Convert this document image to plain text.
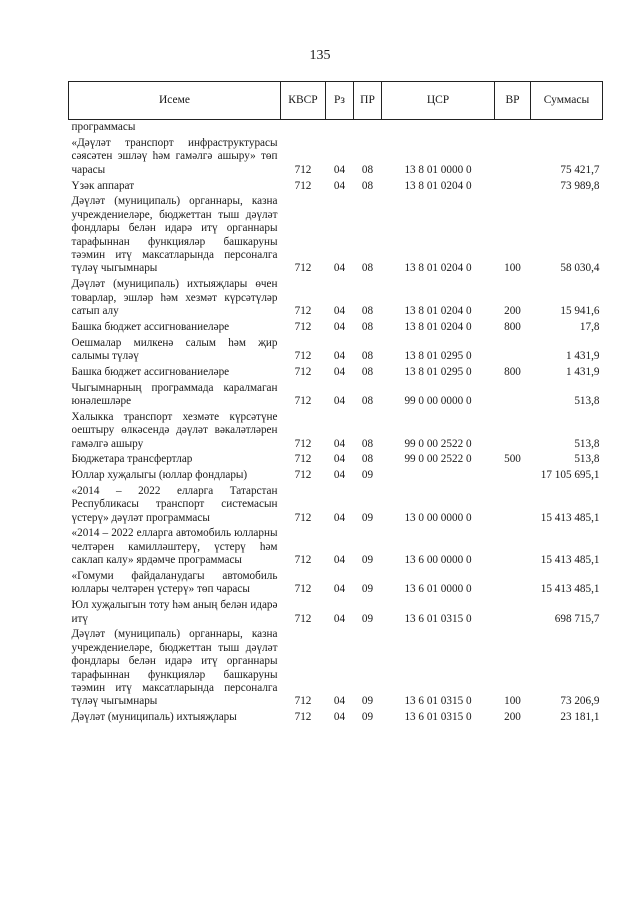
135
Исеме	КВСР	Рз	ПР	ЦСР	ВР	Суммасы
программасы						
«Дәүләт транспорт инфраструктурасы сәясәтен эшләү һәм гамәлгә ашыру» төп чарасы	712	04	08	13 8 01 0000 0		75 421,7
Үзәк аппарат	712	04	08	13 8 01 0204 0		73 989,8
Дәүләт (муниципаль) органнары, казна учреждениеләре, бюджеттан тыш дәүләт фондлары белән идарә итү органнары тарафыннан функцияләр башкаруны тәэмин итү максатларында персоналга түләү чыгымнары	712	04	08	13 8 01 0204 0	100	58 030,4
Дәүләт (муниципаль) ихтыяҗлары өчен товарлар, эшләр һәм хезмәт күрсәтүләр сатып алу	712	04	08	13 8 01 0204 0	200	15 941,6
Башка бюджет ассигнованиеләре	712	04	08	13 8 01 0204 0	800	17,8
Оешмалар милкенә салым һәм җир салымы түләү	712	04	08	13 8 01 0295 0		1 431,9
Башка бюджет ассигнованиеләре	712	04	08	13 8 01 0295 0	800	1 431,9
Чыгымнарның программада каралмаган юнәлешләре	712	04	08	99 0 00 0000 0		513,8
Халыкка транспорт хезмәте күрсәтүне оештыру өлкәсендә дәүләт вәкаләтләрен гамәлгә ашыру	712	04	08	99 0 00 2522 0		513,8
Бюджетара трансфертлар	712	04	08	99 0 00 2522 0	500	513,8
Юллар хуҗалыгы (юллар фондлары)	712	04	09			17 105 695,1
«2014 – 2022 елларга Татарстан Республикасы транспорт системасын үстерү» дәүләт программасы	712	04	09	13 0 00 0000 0		15 413 485,1
«2014 – 2022 елларга автомобиль юлларны челтәрен камилләштерү, үстерү һәм саклап калу» ярдәмче программасы	712	04	09	13 6 00 0000 0		15 413 485,1
«Гомуми файдаланудагы автомобиль юллары челтәрен үстерү» төп чарасы	712	04	09	13 6 01 0000 0		15 413 485,1
Юл хуҗалыгын тоту һәм аның белән идарә итү	712	04	09	13 6 01 0315 0		698 715,7
Дәүләт (муниципаль) органнары, казна учреждениеләре, бюджеттан тыш дәүләт фондлары белән идарә итү органнары тарафыннан функцияләр башкаруны тәэмин итү максатларында персоналга түләү чыгымнары	712	04	09	13 6 01 0315 0	100	73 206,9
Дәүләт (муниципаль) ихтыяҗлары	712	04	09	13 6 01 0315 0	200	23 181,1
